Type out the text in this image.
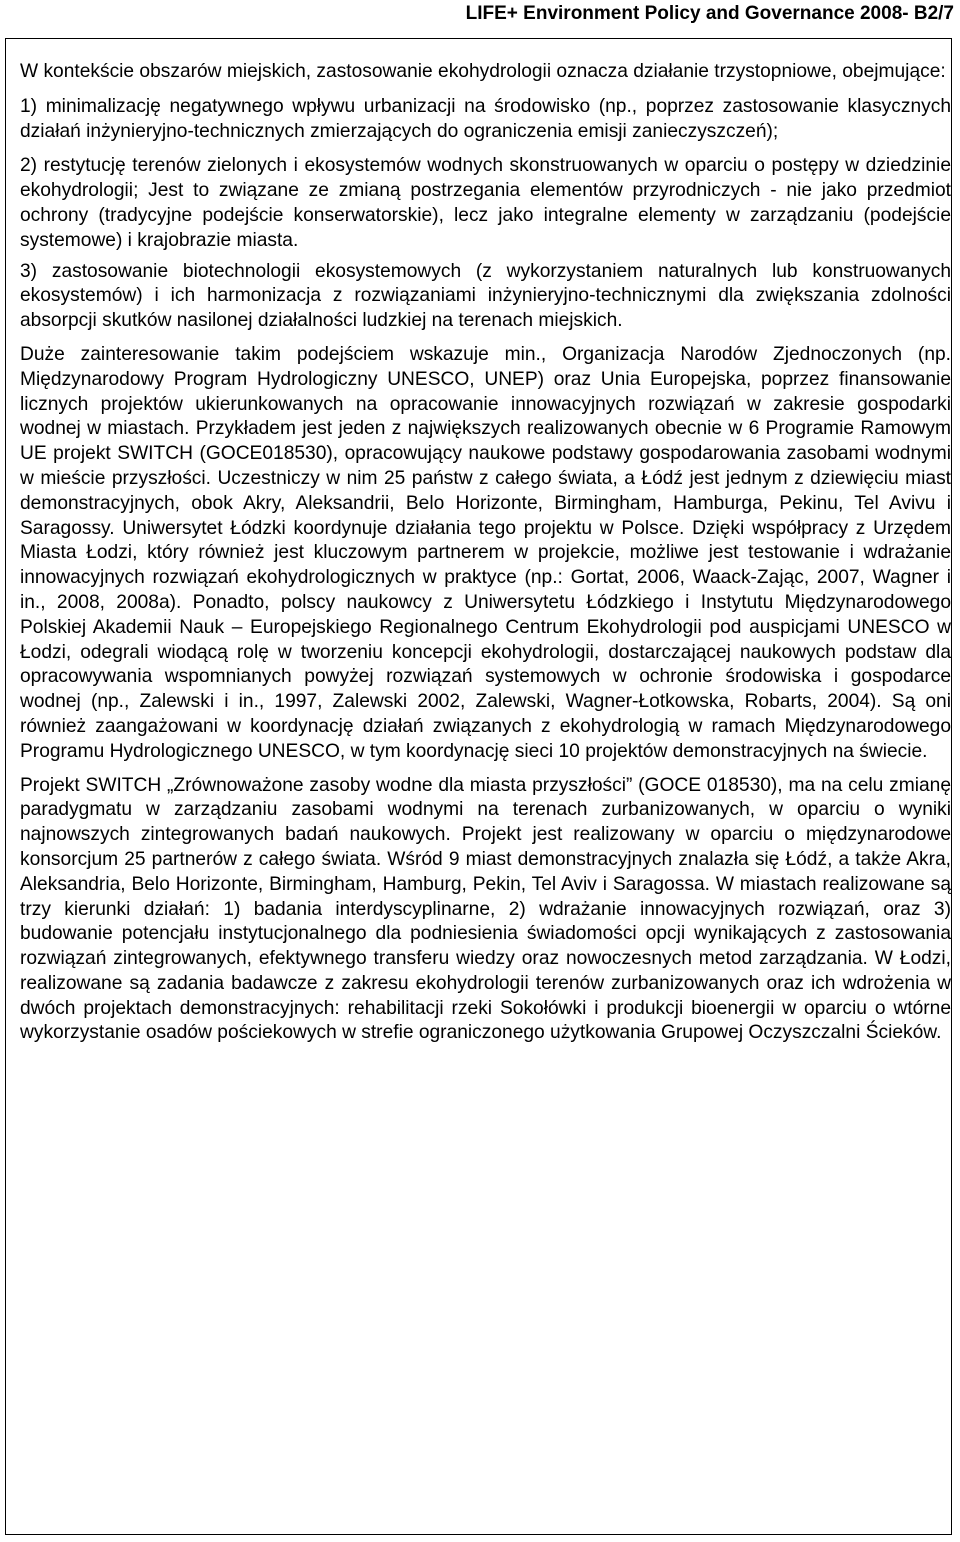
LIFE+ Environment Policy and Governance 2008- B2/7

W kontekście obszarów miejskich, zastosowanie ekohydrologii oznacza działanie trzystopniowe, obejmujące:

1) minimalizację negatywnego wpływu urbanizacji na środowisko (np., poprzez zastosowanie klasycznych działań inżynieryjno-technicznych zmierzających do ograniczenia emisji zanieczyszczeń);

2) restytucję terenów zielonych i ekosystemów wodnych skonstruowanych w oparciu o postępy w dziedzinie ekohydrologii; Jest to związane ze zmianą postrzegania elementów przyrodniczych - nie jako przedmiot ochrony (tradycyjne podejście konserwatorskie), lecz jako integralne elementy w zarządzaniu (podejście systemowe) i krajobrazie miasta.

3) zastosowanie biotechnologii ekosystemowych (z wykorzystaniem naturalnych lub konstruowanych ekosystemów) i ich harmonizacja z rozwiązaniami inżynieryjno-technicznymi dla zwiększania zdolności absorpcji skutków nasilonej działalności ludzkiej na terenach miejskich.

Duże zainteresowanie takim podejściem wskazuje min., Organizacja Narodów Zjednoczonych (np. Międzynarodowy Program Hydrologiczny UNESCO, UNEP) oraz Unia Europejska, poprzez finansowanie licznych projektów ukierunkowanych na opracowanie innowacyjnych rozwiązań w zakresie gospodarki wodnej w miastach. Przykładem jest jeden z największych realizowanych obecnie w 6 Programie Ramowym UE projekt SWITCH (GOCE018530), opracowujący naukowe podstawy gospodarowania zasobami wodnymi w mieście przyszłości. Uczestniczy w nim 25 państw z całego świata, a Łódź jest jednym z dziewięciu miast demonstracyjnych, obok Akry, Aleksandrii, Belo Horizonte, Birmingham, Hamburga, Pekinu, Tel Avivu i Saragossy. Uniwersytet Łódzki koordynuje działania tego projektu w Polsce. Dzięki współpracy z Urzędem Miasta Łodzi, który również jest kluczowym partnerem w projekcie, możliwe jest testowanie i wdrażanie innowacyjnych rozwiązań ekohydrologicznych w praktyce (np.: Gortat, 2006, Waack-Zając, 2007, Wagner i in., 2008, 2008a). Ponadto, polscy naukowcy z Uniwersytetu Łódzkiego i Instytutu Międzynarodowego Polskiej Akademii Nauk – Europejskiego Regionalnego Centrum Ekohydrologii pod auspicjami UNESCO w Łodzi, odegrali wiodącą rolę w tworzeniu koncepcji ekohydrologii, dostarczającej naukowych podstaw dla opracowywania wspomnianych powyżej rozwiązań systemowych w ochronie środowiska i gospodarce wodnej (np., Zalewski i in., 1997, Zalewski 2002, Zalewski, Wagner-Łotkowska, Robarts, 2004). Są oni również zaangażowani w koordynację działań związanych z ekohydrologią w ramach Międzynarodowego Programu Hydrologicznego UNESCO, w tym koordynację sieci 10 projektów demonstracyjnych na świecie.

Projekt SWITCH „Zrównoważone zasoby wodne dla miasta przyszłości” (GOCE 018530), ma na celu zmianę paradygmatu w zarządzaniu zasobami wodnymi na terenach zurbanizowanych, w oparciu o wyniki najnowszych zintegrowanych badań naukowych. Projekt jest realizowany w oparciu o międzynarodowe konsorcjum 25 partnerów z całego świata. Wśród 9 miast demonstracyjnych znalazła się Łódź, a także Akra, Aleksandria, Belo Horizonte, Birmingham, Hamburg, Pekin, Tel Aviv i Saragossa. W miastach realizowane są trzy kierunki działań: 1) badania interdyscyplinarne, 2) wdrażanie innowacyjnych rozwiązań, oraz 3) budowanie potencjału instytucjonalnego dla podniesienia świadomości opcji wynikających z zastosowania rozwiązań zintegrowanych, efektywnego transferu wiedzy oraz nowoczesnych metod zarządzania. W Łodzi, realizowane są zadania badawcze z zakresu ekohydrologii terenów zurbanizowanych oraz ich wdrożenia w dwóch projektach demonstracyjnych: rehabilitacji rzeki Sokołówki i produkcji bioenergii w oparciu o wtórne wykorzystanie osadów pościekowych w strefie ograniczonego użytkowania Grupowej Oczyszczalni Ścieków.
